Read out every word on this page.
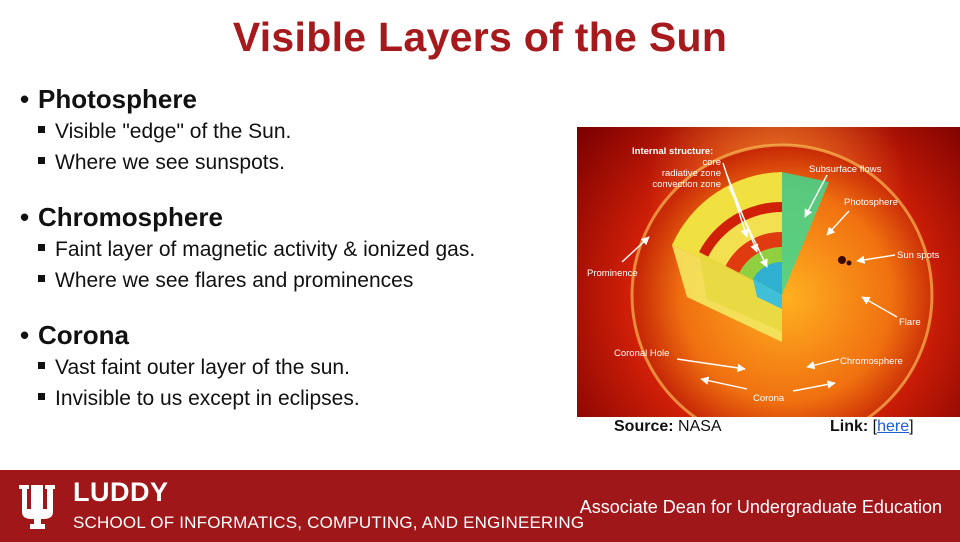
Visible Layers of the Sun
• Photosphere
Visible "edge" of the Sun.
Where we see sunspots.
• Chromosphere
Faint layer of magnetic activity & ionized gas.
Where we see flares and prominences
• Corona
Vast faint outer layer of the sun.
Invisible to us except in eclipses.
Internal structure:
core
radiative zone
convection zone
Subsurface flows
Photosphere
Sun spots
Prominence
Flare
Coronal Hole
Chromosphere
Corona
Source: NASA	Link: [here]
LUDDY
SCHOOL OF INFORMATICS, COMPUTING, AND ENGINEERING
Associate Dean for Undergraduate Education
